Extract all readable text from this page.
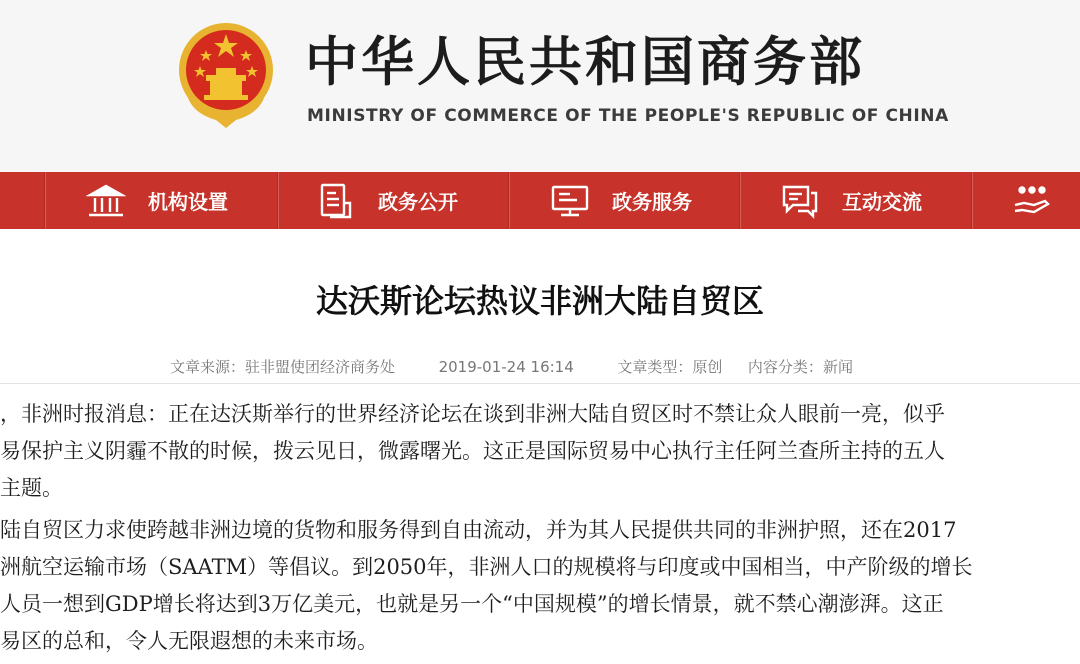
中华人民共和国商务部
MINISTRY OF COMMERCE OF THE PEOPLE'S REPUBLIC OF CHINA
机构设置	政务公开	政务服务	互动交流
达沃斯论坛热议非洲大陆自贸区
文章来源：驻非盟使团经济商务处	2019-01-24 16:14	文章类型：原创 内容分类：新闻
，非洲时报消息：正在达沃斯举行的世界经济论坛在谈到非洲大陆自贸区时不禁让众人眼前一亮，似乎
易保护主义阴霾不散的时候，拨云见日，微露曙光。这正是国际贸易中心执行主任阿兰查所主持的五人
主题。
陆自贸区力求使跨越非洲边境的货物和服务得到自由流动，并为其人民提供共同的非洲护照，还在2017
洲航空运输市场（SAATM）等倡议。到2050年，非洲人口的规模将与印度或中国相当，中产阶级的增长
人员一想到GDP增长将达到3万亿美元，也就是另一个“中国规模”的增长情景，就不禁心潮澎湃。这正
易区的总和，令人无限遐想的未来市场。
